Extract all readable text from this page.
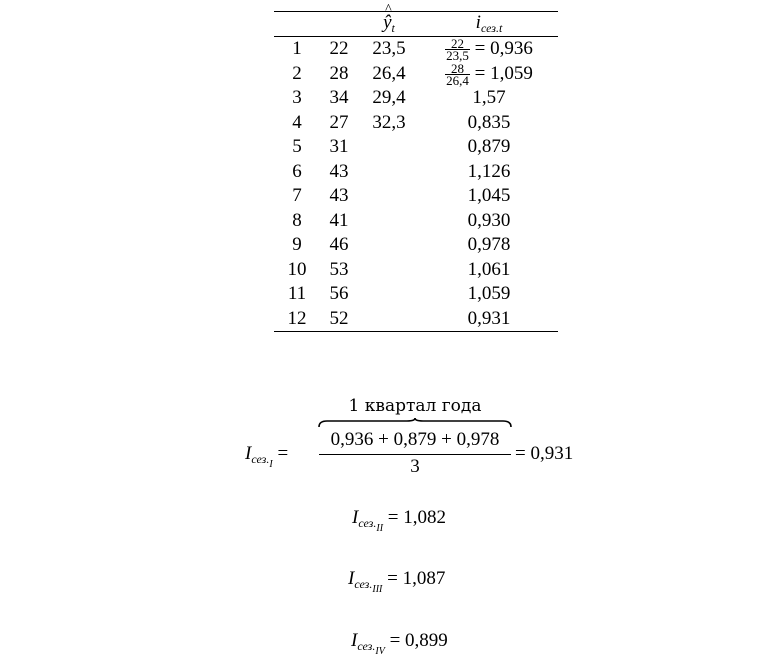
		^ $ŷ_t$	$i_{сез.t}$
1	22	23,5	$\frac{22}{23,5} = 0,936$
2	28	26,4	$\frac{28}{26,4} = 1,059$
3	34	29,4	1,57
4	27	32,3	0,835
5	31		0,879
6	43		1,126
7	43		1,045
8	41		0,930
9	46		0,978
10	53		1,061
11	56		1,059
12	52		0,931
$I_{сез._I}$ =
1 квартал года
0,936 + 0,879 + 0,978
3
= 0,931
$I_{сез._{II}} = 1,082$
$I_{сез._{III}} = 1,087$
$I_{сез._{IV}} = 0,899$
